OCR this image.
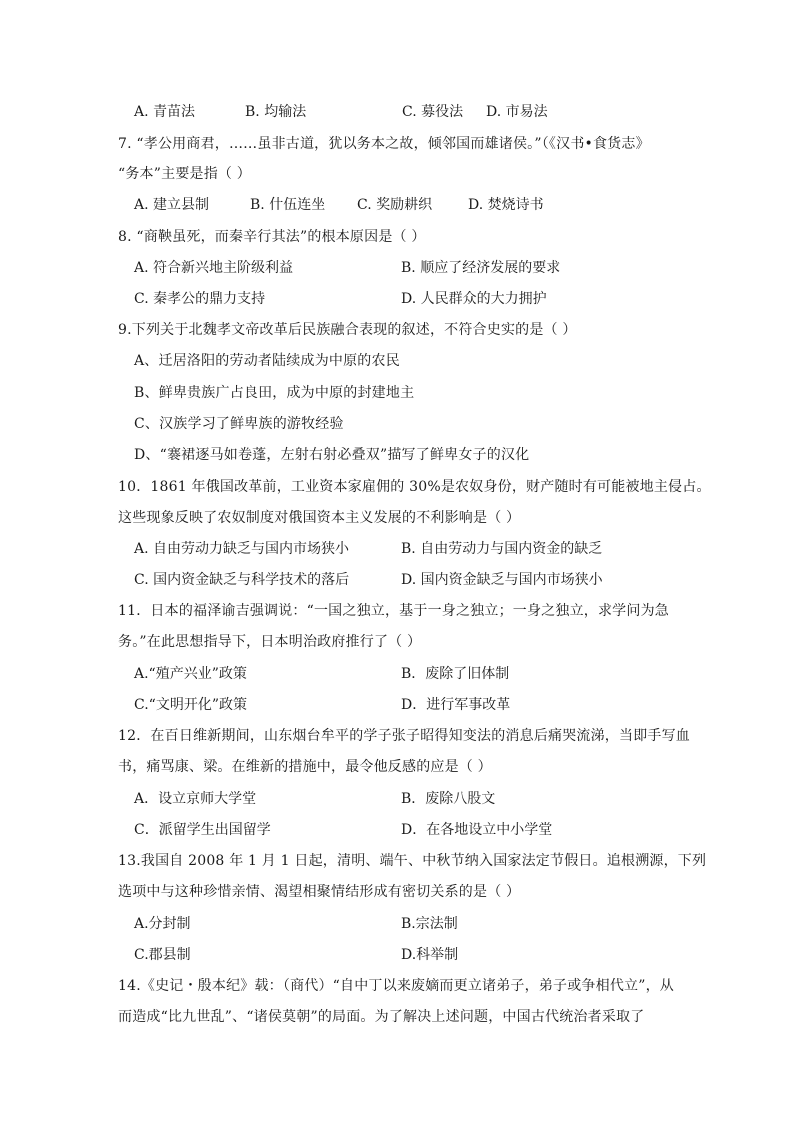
A. 青苗法	B. 均输法	C. 募役法 D. 市易法
7. “孝公用商君，……虽非古道，犹以务本之故，倾邻国而雄诸侯。”（《汉书•食货志》
“务本”主要是指（ ）
A. 建立县制	B. 什伍连坐 C. 奖励耕织	D. 焚烧诗书
8. “商鞅虽死，而秦辛行其法”的根本原因是（ ）
A. 符合新兴地主阶级利益	B. 顺应了经济发展的要求
C. 秦孝公的鼎力支持	D. 人民群众的大力拥护
9.下列关于北魏孝文帝改革后民族融合表现的叙述，不符合史实的是（ ）
A、迁居洛阳的劳动者陆续成为中原的农民
B、鲜卑贵族广占良田，成为中原的封建地主
C、汉族学习了鲜卑族的游牧经验
D、“褰裙逐马如卷蓬，左射右射必叠双”描写了鲜卑女子的汉化
10．1861 年俄国改革前，工业资本家雇佣的 30%是农奴身份，财产随时有可能被地主侵占。
这些现象反映了农奴制度对俄国资本主义发展的不利影响是（ ）
A. 自由劳动力缺乏与国内市场狭小	B. 自由劳动力与国内资金的缺乏
C. 国内资金缺乏与科学技术的落后	D. 国内资金缺乏与国内市场狭小
11．日本的福泽谕吉强调说：“一国之独立，基于一身之独立；一身之独立，求学问为急
务。”在此思想指导下，日本明治政府推行了（ ）
A.“殖产兴业”政策	B．废除了旧体制
C.“文明开化”政策	D．进行军事改革
12．在百日维新期间，山东烟台牟平的学子张子昭得知变法的消息后痛哭流涕，当即手写血
书，痛骂康、梁。在维新的措施中，最令他反感的应是（ ）
A．设立京师大学堂	B．废除八股文
C．派留学生出国留学	D．在各地设立中小学堂
13.我国自 2008 年 1 月 1 日起，清明、端午、中秋节纳入国家法定节假日。追根溯源，下列
选项中与这种珍惜亲情、渴望相聚情结形成有密切关系的是（ ）
A.分封制	B.宗法制
C.郡县制	D.科举制
14.《史记・殷本纪》载：（商代）“自中丁以来废嫡而更立诸弟子，弟子或争相代立”，从
而造成“比九世乱”、“诸侯莫朝”的局面。为了解决上述问题，中国古代统治者采取了
